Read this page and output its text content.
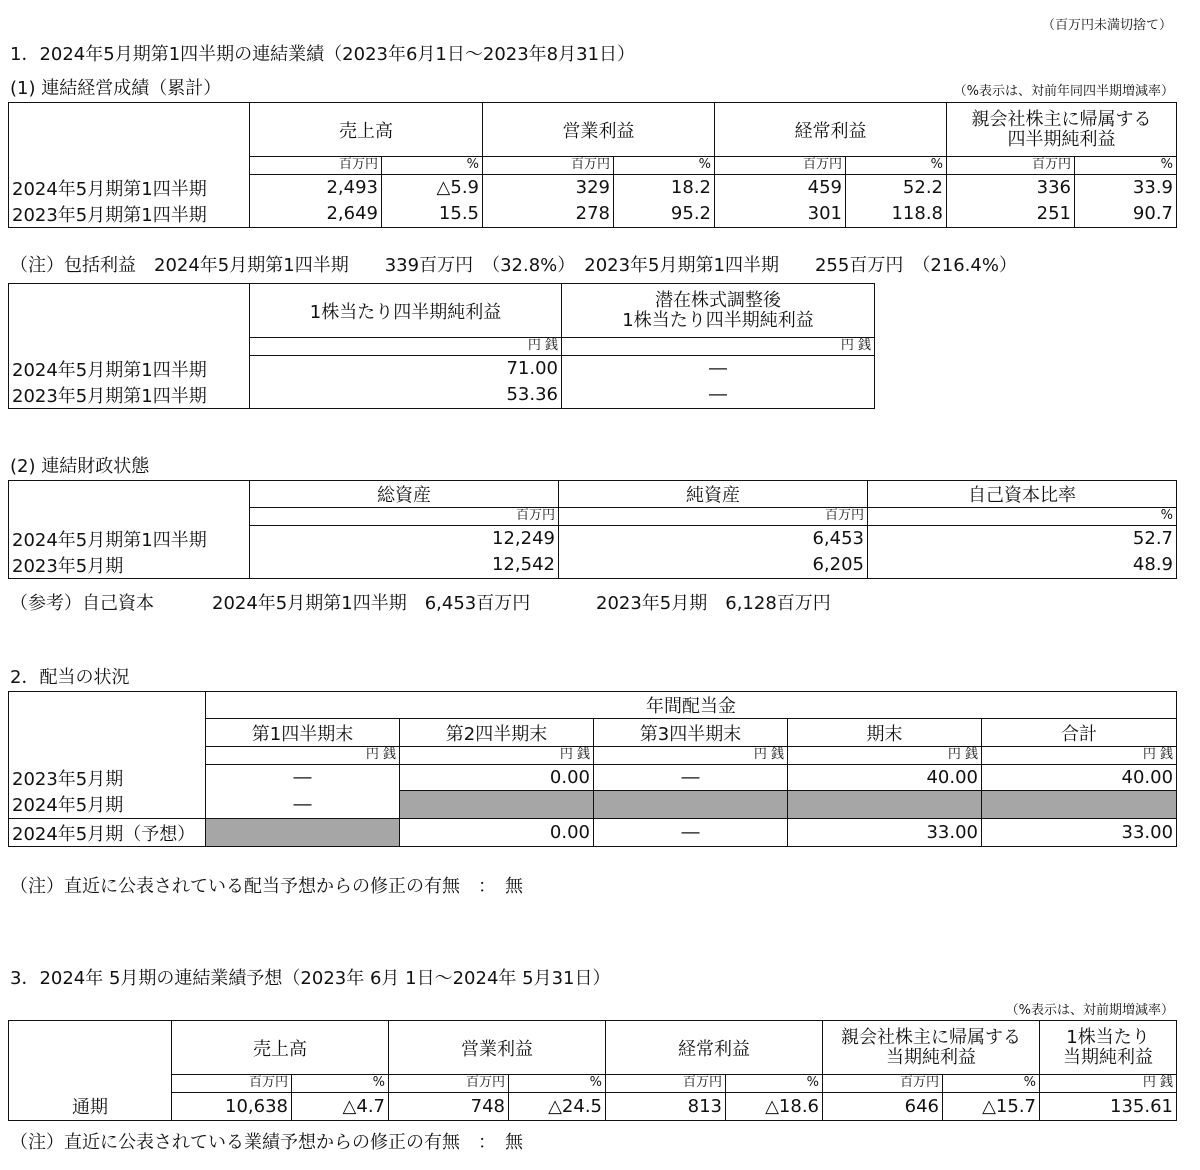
（百万円未満切捨て）
1．2024年5月期第1四半期の連結業績（2023年6月1日～2023年8月31日）
(1) 連結経営成績（累計）	（%表示は、対前年同四半期増減率）
	売上高		営業利益		経常利益		親会社株主に帰属する
四半期純利益	
	百万円	%	百万円	%	百万円	%	百万円	%
2024年5月期第1四半期	2,493	△5.9	329	18.2	459	52.2	336	33.9
2023年5月期第1四半期	2,649	15.5	278	95.2	301	118.8	251	90.7
（注）包括利益　2024年5月期第1四半期　　339百万円　（32.8%）　2023年5月期第1四半期　　255百万円　（216.4%）
	1株当たり四半期純利益	潜在株式調整後
1株当たり四半期純利益
	円 銭	円 銭
2024年5月期第1四半期	71.00	―
2023年5月期第1四半期	53.36	―
(2) 連結財政状態
	総資産	純資産	自己資本比率
	百万円	百万円	%
2024年5月期第1四半期	12,249	6,453	52.7
2023年5月期	12,542	6,205	48.9
（参考）自己資本	2024年5月期第1四半期　6,453百万円	2023年5月期　6,128百万円
2．配当の状況
	年間配当金				
	第1四半期末	第2四半期末	第3四半期末	期末	合計
	円 銭	円 銭	円 銭	円 銭	円 銭
2023年5月期	―	0.00	―	40.00	40.00
2024年5月期	―				
2024年5月期（予想）		0.00	―	33.00	33.00
（注）直近に公表されている配当予想からの修正の有無　：　無
3．2024年 5月期の連結業績予想（2023年 6月 1日～2024年 5月31日）
（%表示は、対前期増減率）
	売上高		営業利益		経常利益		親会社株主に帰属する
当期純利益		1株当たり
当期純利益
	百万円	%	百万円	%	百万円	%	百万円	%	円 銭
通期	10,638	△4.7	748	△24.5	813	△18.6	646	△15.7	135.61
（注）直近に公表されている業績予想からの修正の有無　：　無
